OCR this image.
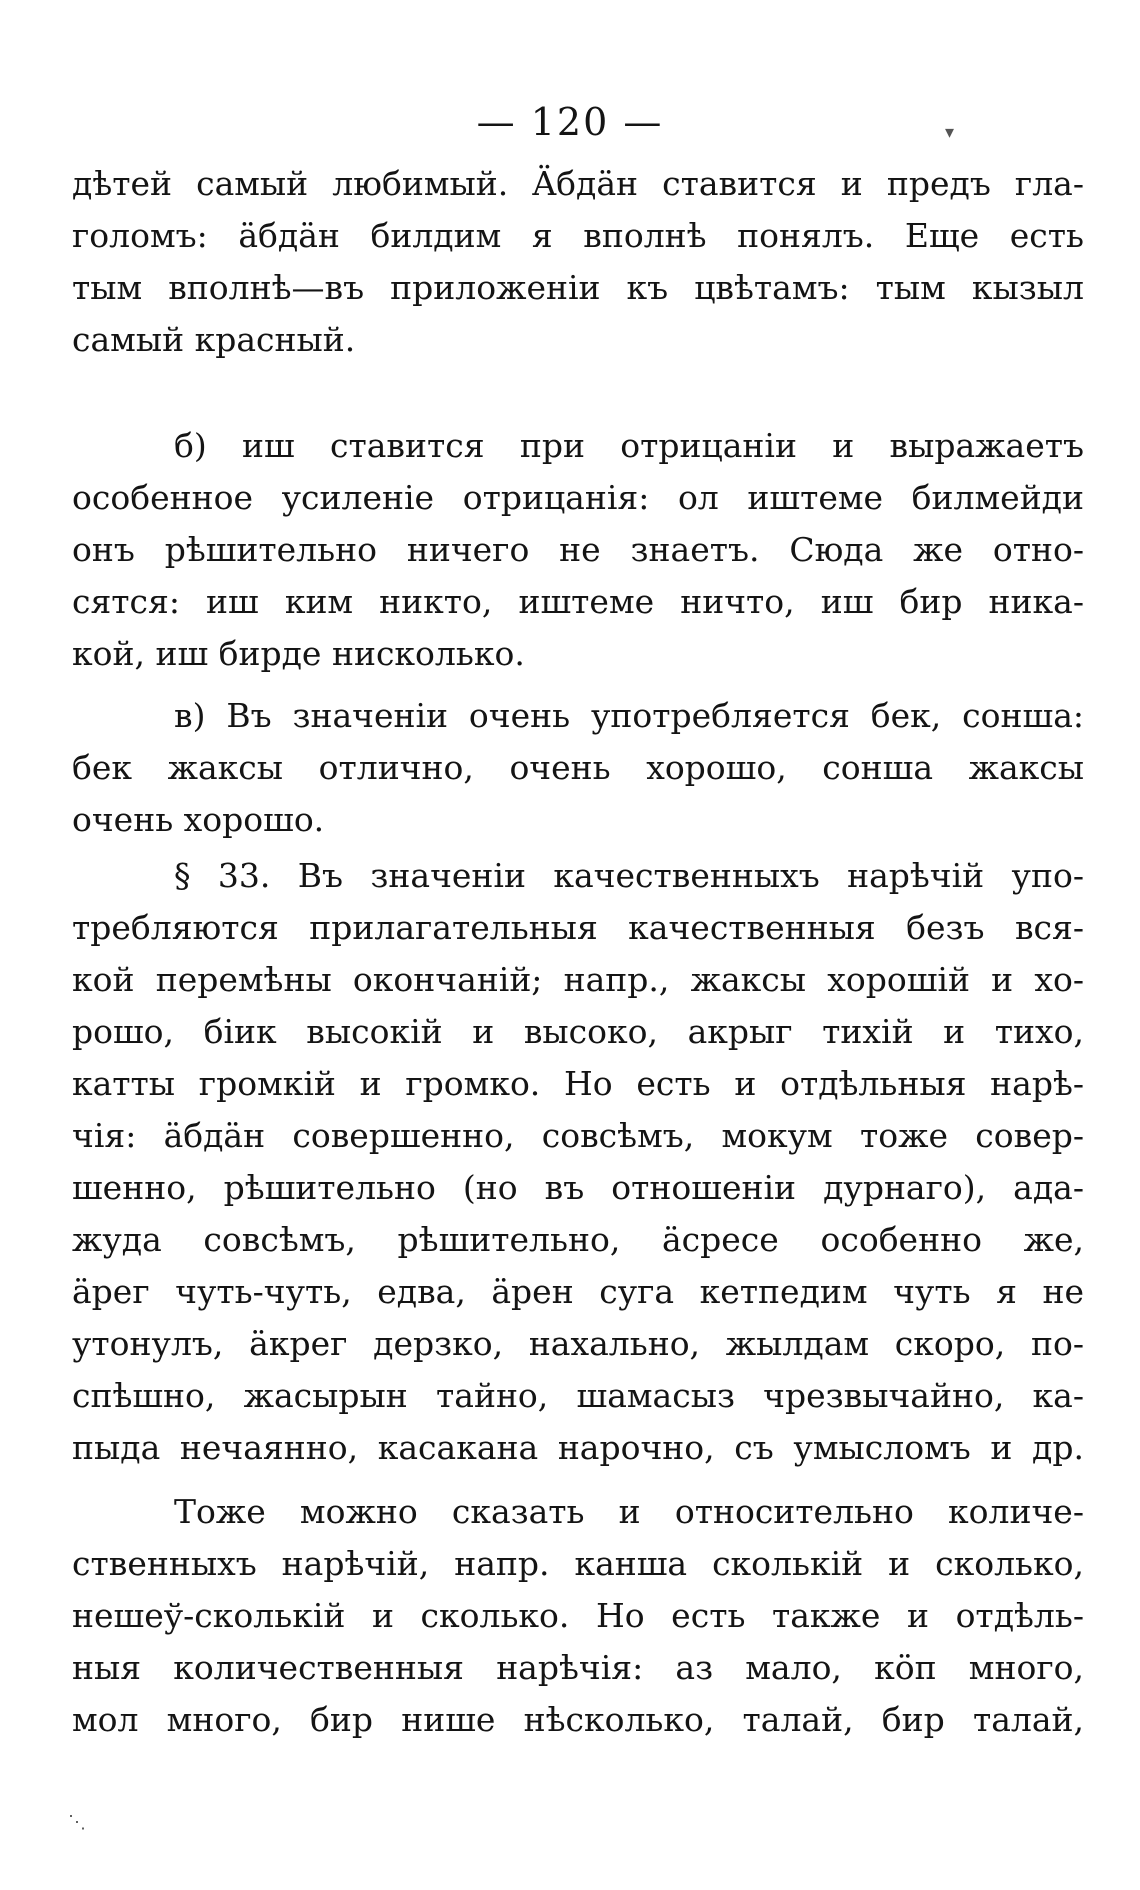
— 120 —	▾
⋱
дѣтей самый любимый. Äбдäн ставится и предъ гла-
голомъ: äбдäн билдим я вполнѣ понялъ. Еще есть
тым вполнѣ—въ приложенiи къ цвѣтамъ: тым кызыл
самый красный.
б) иш ставится при отрицанiи и выражаетъ
особенное усиленiе отрицанiя: ол иштеме билмейди
онъ рѣшительно ничего не знаетъ. Сюда же отно-
сятся: иш ким никто, иштеме ничто, иш бир никa-
кой, иш бирде нисколько.
в) Въ значенiи очень употребляется бек, сонша:
бек жаксы отлично, очень хорошо, сонша жаксы
очень хорошо.
§ 33. Въ значенiи качественныхъ нарѣчiй упо-
требляются прилагательныя качественныя безъ вся-
кой перемѣны окончанiй; напр., жаксы хорошiй и хо-
рошо, бiик высокiй и высоко, акрыг тихiй и тихо,
катты громкiй и громко. Но есть и отдѣльныя нарѣ-
чiя: äбдäн совершенно, совсѣмъ, мокум тоже совер-
шенно, рѣшительно (но въ отношенiи дурнаго), ада-
жуда совсѣмъ, рѣшительно, äсресе особенно же,
äрег чуть-чуть, едва, äрен суга кетпедим чуть я не
утонулъ, äкрег дерзко, нахально, жылдам скоро, по-
спѣшно, жасырын тайно, шамасыз чрезвычайно, ка-
пыда нечаянно, касакана нарочно, съ умысломъ и др.
Тоже можно сказать и относительно количе-
ственныхъ нарѣчiй, напр. канша сколькiй и сколько,
нешеў-сколькiй и сколько. Но есть также и отдѣль-
ныя количественныя нарѣчiя: аз мало, кöп много,
мол много, бир нише нѣсколько, талай, бир талай,
